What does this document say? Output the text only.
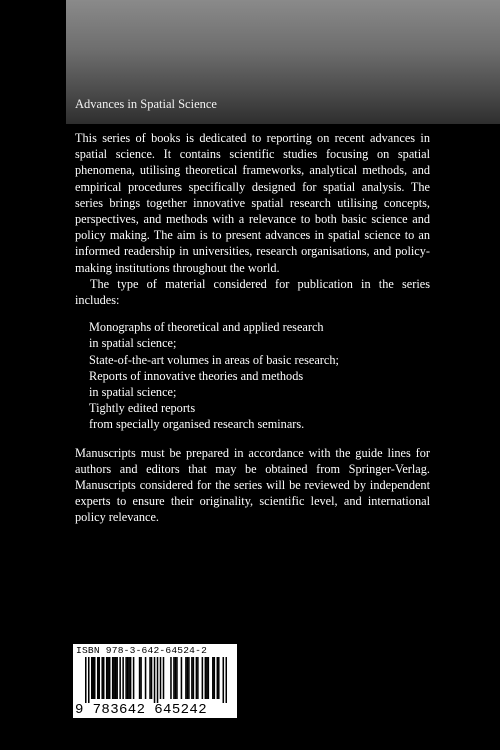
Advances in Spatial Science

This series of books is dedicated to reporting on recent advances in spatial science. It contains scientific studies focusing on spatial phenomena, utilising theoretical frameworks, analytical methods, and empirical procedures specifically designed for spatial analysis. The series brings together innovative spatial research utilising concepts, perspectives, and methods with a relevance to both basic science and policy making. The aim is to present advances in spatial science to an informed readership in universities, research organisations, and policy-making institutions throughout the world.

The type of material considered for publication in the series includes:

Monographs of theoretical and applied research
in spatial science;
State-of-the-art volumes in areas of basic research;
Reports of innovative theories and methods
in spatial science;
Tightly edited reports
from specially organised research seminars.

Manuscripts must be prepared in accordance with the guide lines for authors and editors that may be obtained from Springer-Verlag. Manuscripts considered for the series will be reviewed by independent experts to ensure their originality, scientific level, and international policy relevance.

ISBN 978-3-642-64524-2
9 783642 645242
